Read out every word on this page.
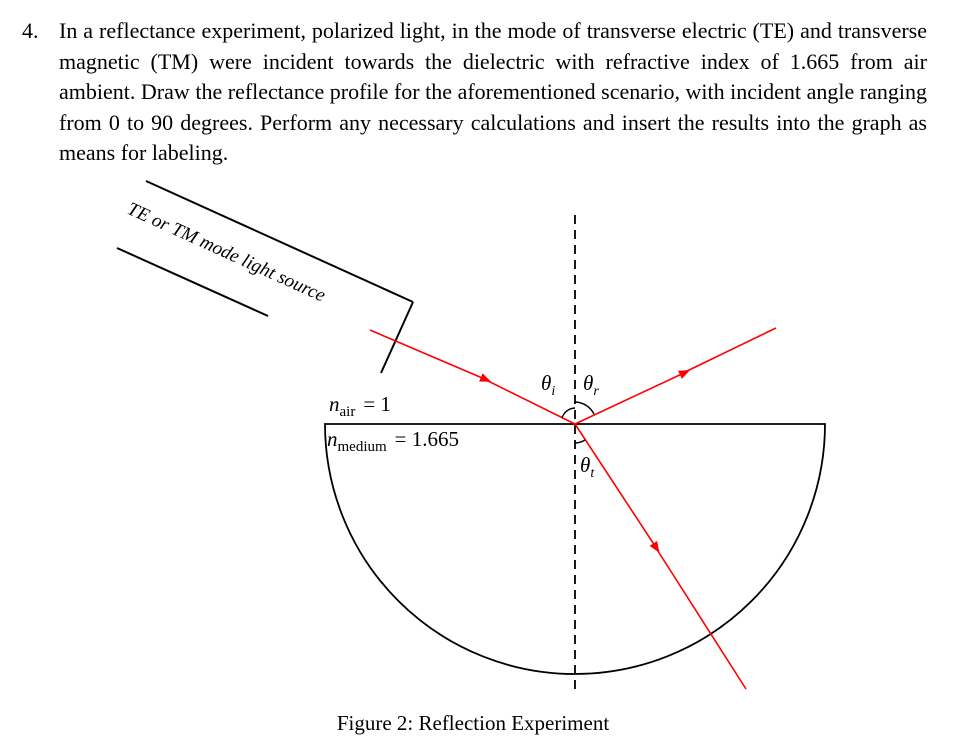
4. In a reflectance experiment, polarized light, in the mode of transverse electric (TE) and transverse magnetic (TM) were incident towards the dielectric with refractive index of 1.665 from air ambient. Draw the reflectance profile for the aforementioned scenario, with incident angle ranging from 0 to 90 degrees. Perform any necessary calculations and insert the results into the graph as means for labeling.
TE or TM mode light source
$\theta_i$ $\theta_r$
$\theta_t$
$n_{air} = 1$
$n_{medium} = 1.665$
Figure 2: Reflection Experiment
